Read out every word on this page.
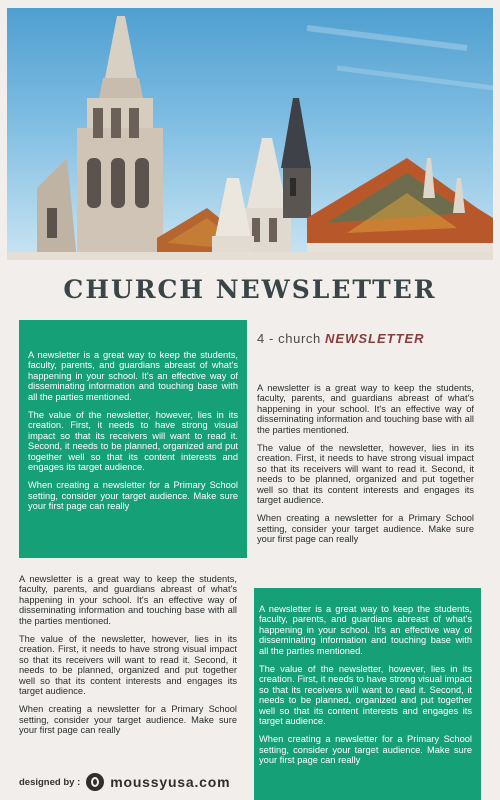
CHURCH NEWSLETTER

A newsletter is a great way to keep the students, faculty, parents, and guardians abreast of what's happening in your school. It's an effective way of disseminating information and touching base with all the parties mentioned.

The value of the newsletter, however, lies in its creation. First, it needs to have strong visual impact so that its receivers will want to read it. Second, it needs to be planned, organized and put together well so that its content interests and engages its target audience.

When creating a newsletter for a Primary School setting, consider your target audience. Make sure your first page can really

4 - church NEWSLETTER

A newsletter is a great way to keep the students, faculty, parents, and guardians abreast of what's happening in your school. It's an effective way of disseminating information and touching base with all the parties mentioned.

The value of the newsletter, however, lies in its creation. First, it needs to have strong visual impact so that its receivers will want to read it. Second, it needs to be planned, organized and put together well so that its content interests and engages its target audience.

When creating a newsletter for a Primary School setting, consider your target audience. Make sure your first page can really

A newsletter is a great way to keep the students, faculty, parents, and guardians abreast of what's happening in your school. It's an effective way of disseminating information and touching base with all the parties mentioned.

The value of the newsletter, however, lies in its creation. First, it needs to have strong visual impact so that its receivers will want to read it. Second, it needs to be planned, organized and put together well so that its content interests and engages its target audience.

When creating a newsletter for a Primary School setting, consider your target audience. Make sure your first page can really

A newsletter is a great way to keep the students, faculty, parents, and guardians abreast of what's happening in your school. It's an effective way of disseminating information and touching base with all the parties mentioned.

The value of the newsletter, however, lies in its creation. First, it needs to have strong visual impact so that its receivers will want to read it. Second, it needs to be planned, organized and put together well so that its content interests and engages its target audience.

When creating a newsletter for a Primary School setting, consider your target audience. Make sure your first page can really

designed by : moussyusa.com
